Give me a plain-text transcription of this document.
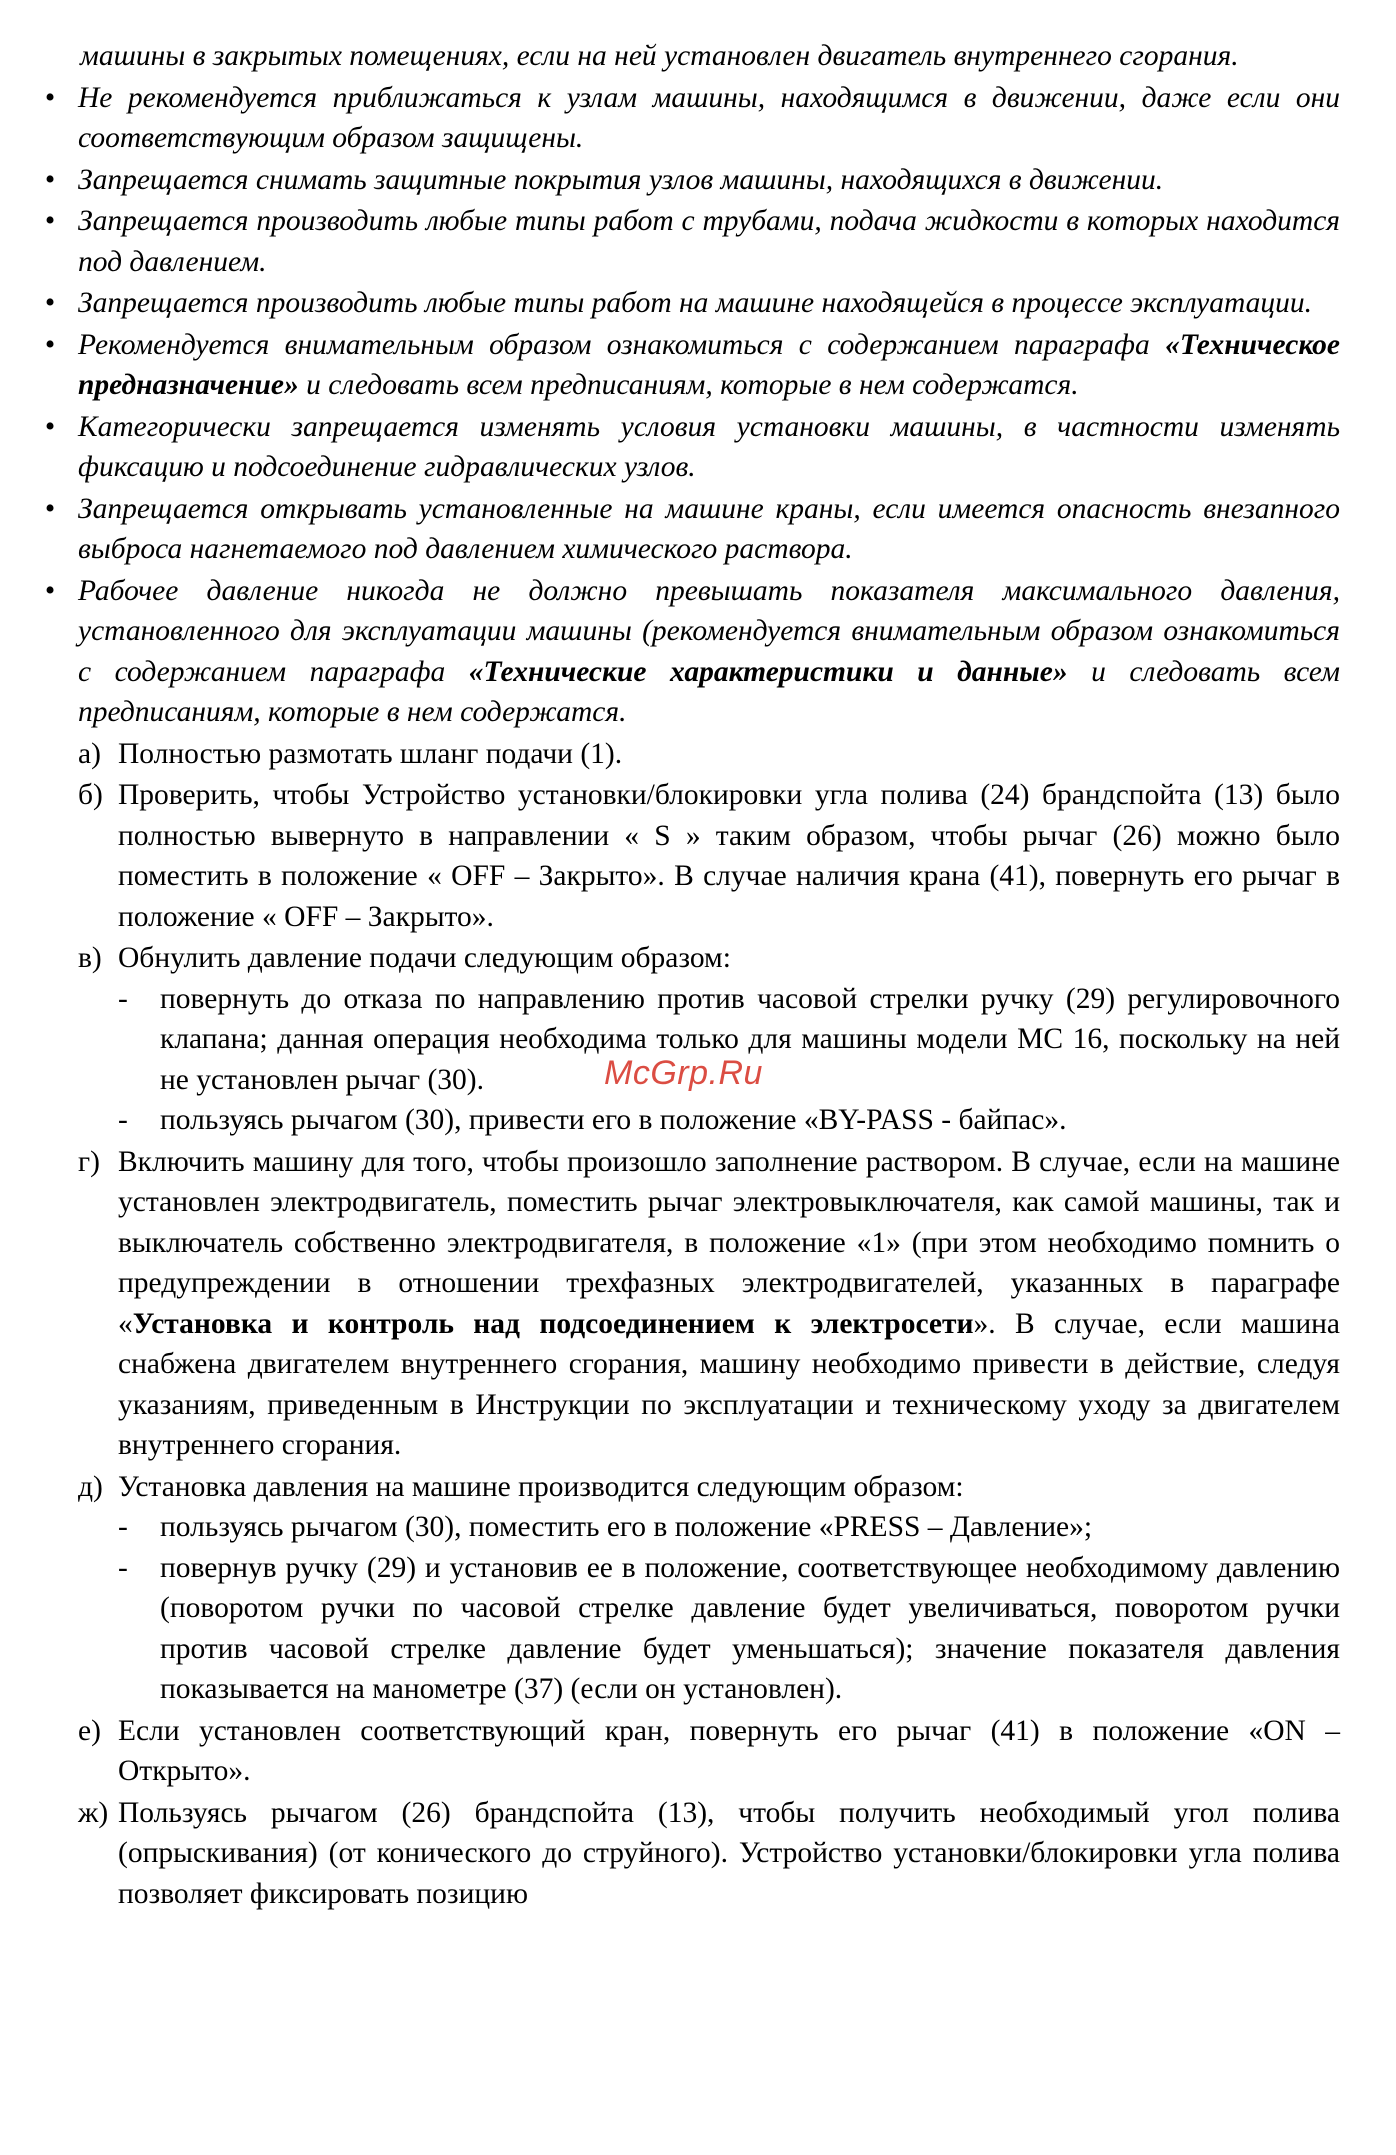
машины в закрытых помещениях, если на ней установлен двигатель внутреннего сгорания.

• Не рекомендуется приближаться к узлам машины, находящимся в движении, даже если они соответствующим образом защищены.

• Запрещается снимать защитные покрытия узлов машины, находящихся в движении.

• Запрещается производить любые типы работ с трубами, подача жидкости в которых находится под давлением.

• Запрещается производить любые типы работ на машине находящейся в процессе эксплуатации.

• Рекомендуется внимательным образом ознакомиться с содержанием параграфа «Техническое предназначение» и следовать всем предписаниям, которые в нем содержатся.

• Категорически запрещается изменять условия установки машины, в частности изменять фиксацию и подсоединение гидравлических узлов.

• Запрещается открывать установленные на машине краны, если имеется опасность внезапного выброса нагнетаемого под давлением химического раствора.

• Рабочее давление никогда не должно превышать показателя максимального давления, установленного для эксплуатации машины (рекомендуется внимательным образом ознакомиться с содержанием параграфа «Технические характеристики и данные» и следовать всем предписаниям, которые в нем содержатся.

а) Полностью размотать шланг подачи (1).

б) Проверить, чтобы Устройство установки/блокировки угла полива (24) брандспойта (13) было полностью вывернуто в направлении « S » таким образом, чтобы рычаг (26) можно было поместить в положение « OFF – Закрыто». В случае наличия крана (41), повернуть его рычаг в положение « OFF – Закрыто».

в) Обнулить давление подачи следующим образом:

- повернуть до отказа по направлению против часовой стрелки ручку (29) регулировочного клапана; данная операция необходима только для машины модели MC 16, поскольку на ней не установлен рычаг (30).

- пользуясь рычагом (30), привести его в положение «BY-PASS - байпас».

г) Включить машину для того, чтобы произошло заполнение раствором. В случае, если на машине установлен электродвигатель, поместить рычаг электровыключателя, как самой машины, так и выключатель собственно электродвигателя, в положение «1» (при этом необходимо помнить о предупреждении в отношении трехфазных электродвигателей, указанных в параграфе «Установка и контроль над подсоединением к электросети». В случае, если машина снабжена двигателем внутреннего сгорания, машину необходимо привести в действие, следуя указаниям, приведенным в Инструкции по эксплуатации и техническому уходу за двигателем внутреннего сгорания.

д) Установка давления на машине производится следующим образом:

- пользуясь рычагом (30), поместить его в положение «PRESS – Давление»;

- повернув ручку (29) и установив ее в положение, соответствующее необходимому давлению (поворотом ручки по часовой стрелке давление будет увеличиваться, поворотом ручки против часовой стрелке давление будет уменьшаться); значение показателя давления показывается на манометре (37) (если он установлен).

е) Если установлен соответствующий кран, повернуть его рычаг (41) в положение «ON – Открыто».

ж) Пользуясь рычагом (26) брандспойта (13), чтобы получить необходимый угол полива (опрыскивания) (от конического до струйного). Устройство установки/блокировки угла полива позволяет фиксировать позицию

McGrp.Ru
